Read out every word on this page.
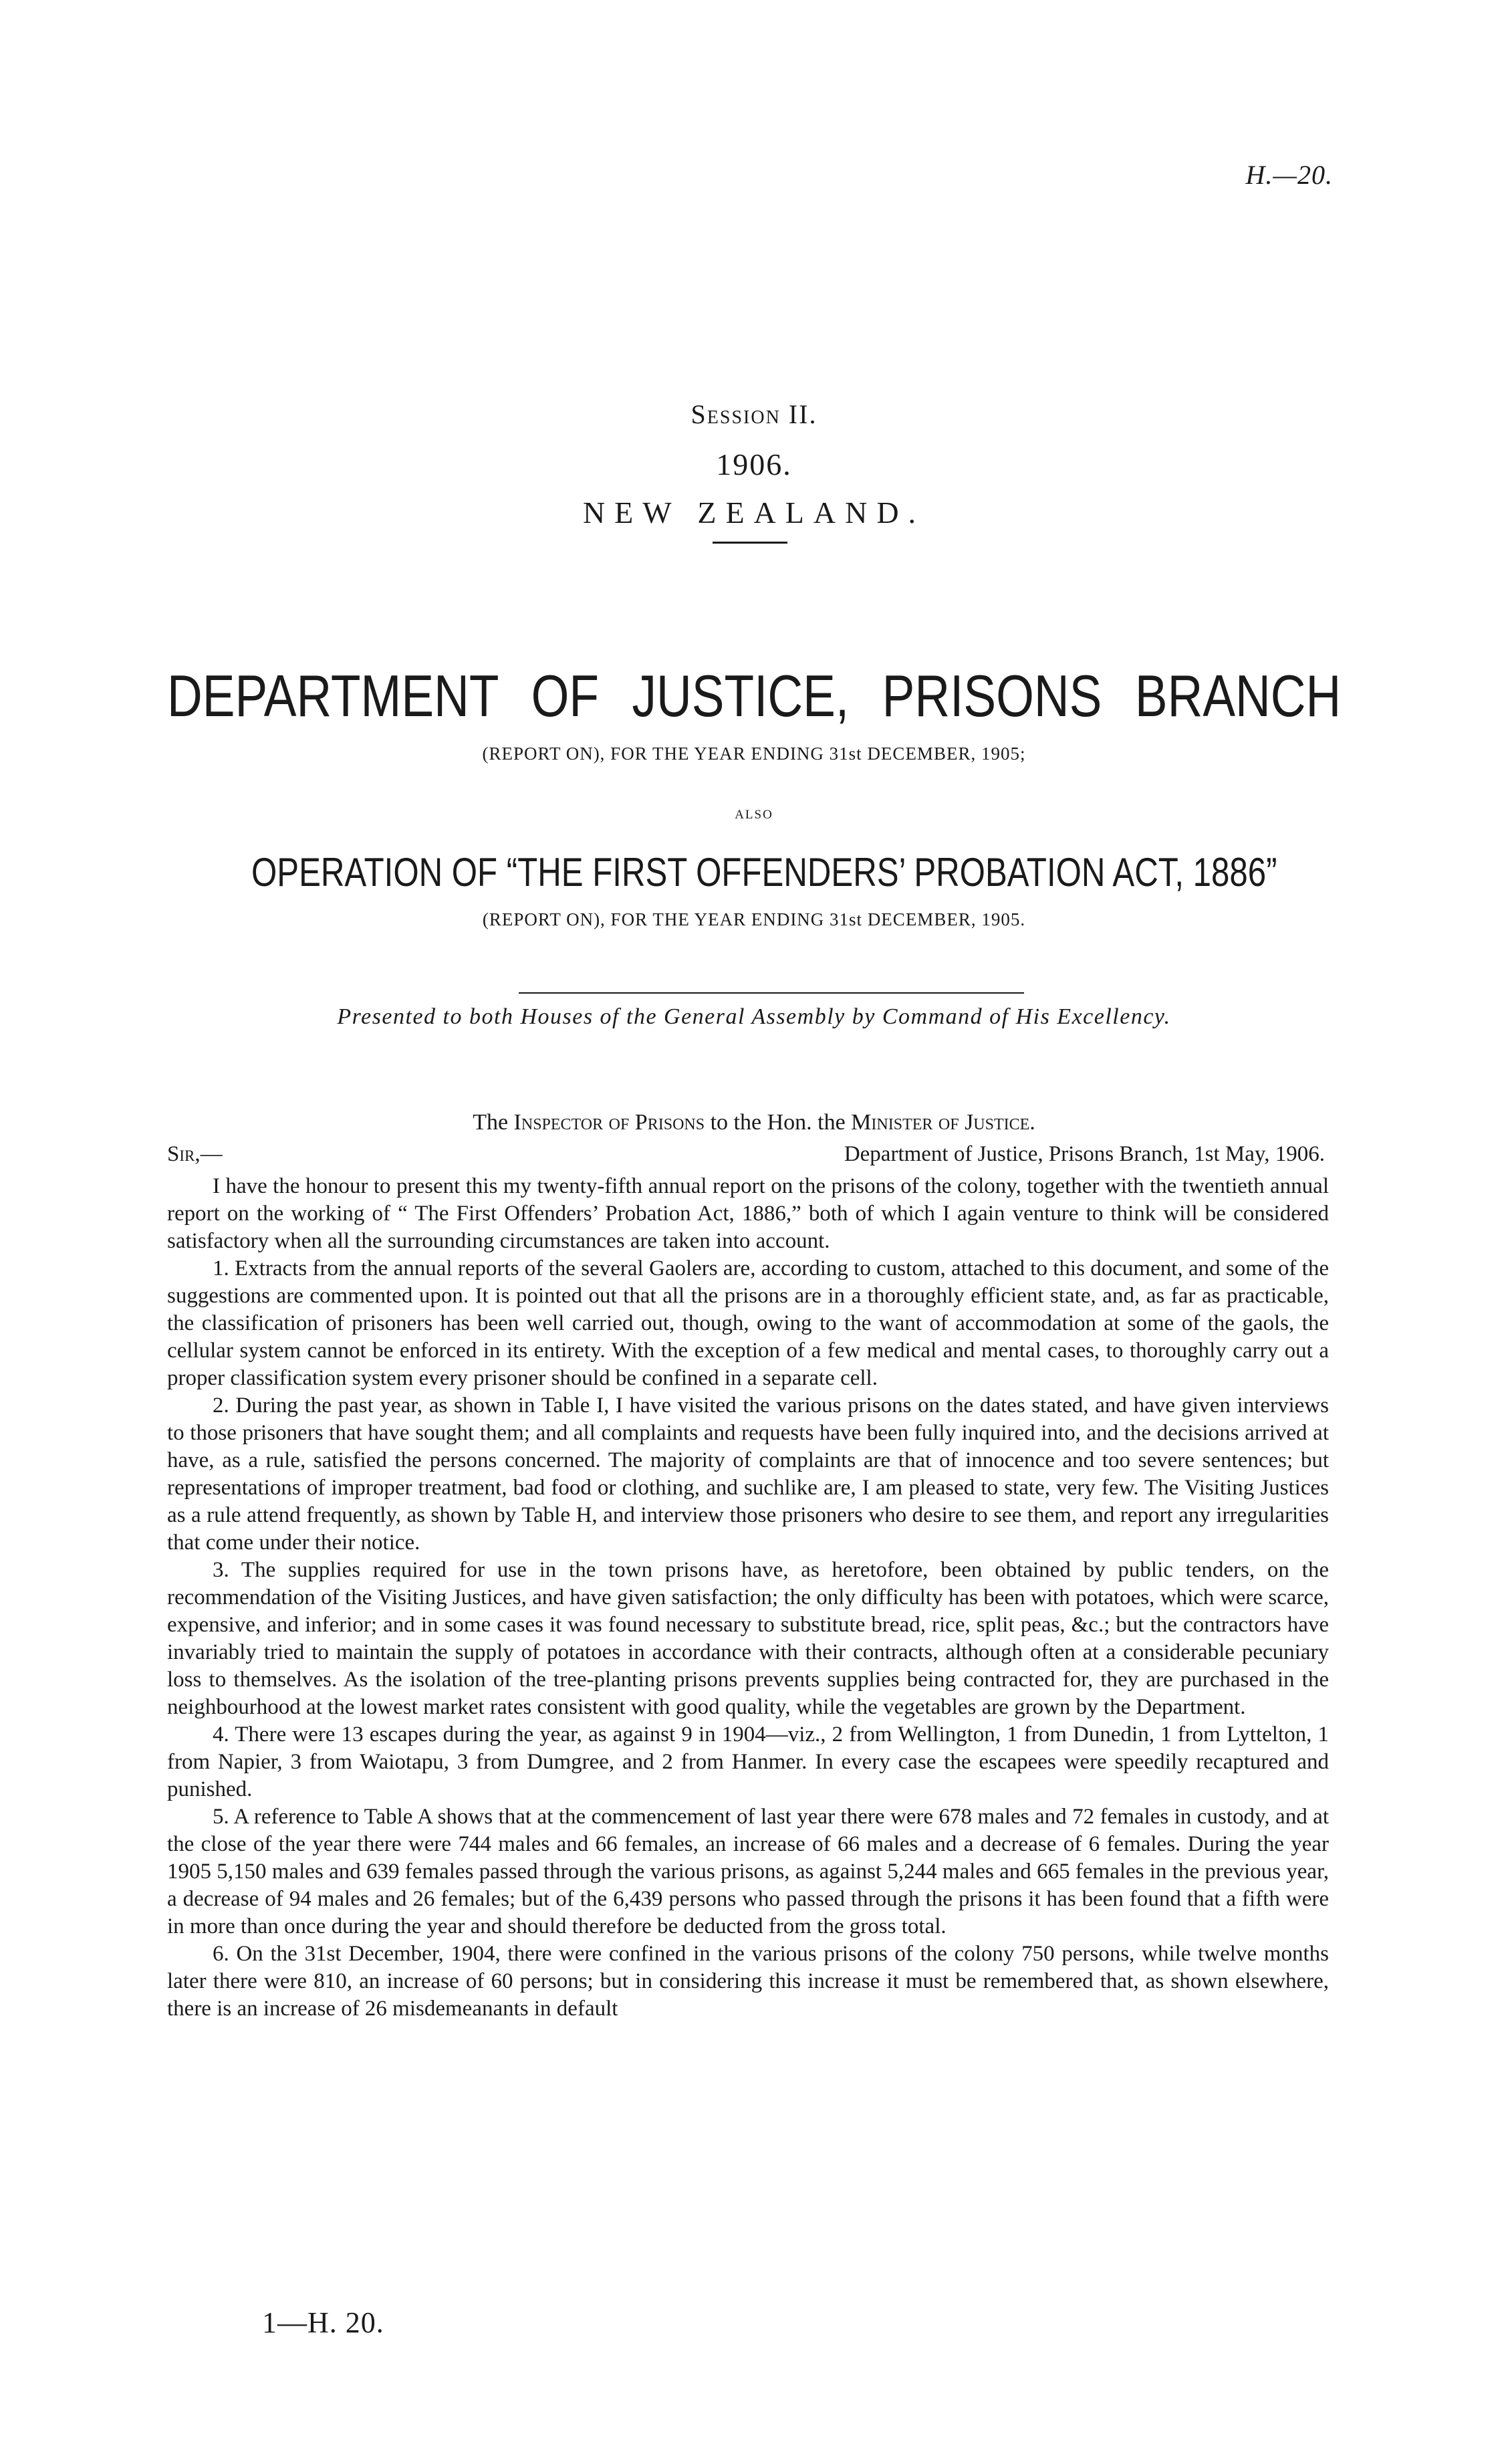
H.—20.
Session II.
1906.
NEW ZEALAND.
DEPARTMENT OF JUSTICE, PRISONS BRANCH
(REPORT ON), FOR THE YEAR ENDING 31st DECEMBER, 1905;
ALSO
OPERATION OF “THE FIRST OFFENDERS’ PROBATION ACT, 1886”
(REPORT ON), FOR THE YEAR ENDING 31st DECEMBER, 1905.
Presented to both Houses of the General Assembly by Command of His Excellency.
The Inspector of Prisons to the Hon. the Minister of Justice.
Sir,—	Department of Justice, Prisons Branch, 1st May, 1906.

I have the honour to present this my twenty-fifth annual report on the prisons of the colony, together with the twentieth annual report on the working of “ The First Offenders’ Probation Act, 1886,” both of which I again venture to think will be considered satisfactory when all the surrounding circumstances are taken into account.

1. Extracts from the annual reports of the several Gaolers are, according to custom, attached to this document, and some of the suggestions are commented upon. It is pointed out that all the prisons are in a thoroughly efficient state, and, as far as practicable, the classification of prisoners has been well carried out, though, owing to the want of accommodation at some of the gaols, the cellular system cannot be enforced in its entirety. With the exception of a few medical and mental cases, to thoroughly carry out a proper classification system every prisoner should be confined in a separate cell.

2. During the past year, as shown in Table I, I have visited the various prisons on the dates stated, and have given interviews to those prisoners that have sought them; and all complaints and requests have been fully inquired into, and the decisions arrived at have, as a rule, satisfied the persons concerned. The majority of complaints are that of innocence and too severe sentences; but representations of improper treatment, bad food or clothing, and suchlike are, I am pleased to state, very few. The Visiting Justices as a rule attend frequently, as shown by Table H, and interview those prisoners who desire to see them, and report any irregularities that come under their notice.

3. The supplies required for use in the town prisons have, as heretofore, been obtained by public tenders, on the recommendation of the Visiting Justices, and have given satisfaction; the only difficulty has been with potatoes, which were scarce, expensive, and inferior; and in some cases it was found necessary to substitute bread, rice, split peas, &c.; but the contractors have invariably tried to maintain the supply of potatoes in accordance with their contracts, although often at a considerable pecuniary loss to themselves. As the isolation of the tree-planting prisons prevents supplies being contracted for, they are purchased in the neighbourhood at the lowest market rates consistent with good quality, while the vegetables are grown by the Department.

4. There were 13 escapes during the year, as against 9 in 1904—viz., 2 from Wellington, 1 from Dunedin, 1 from Lyttelton, 1 from Napier, 3 from Waiotapu, 3 from Dumgree, and 2 from Hanmer. In every case the escapees were speedily recaptured and punished.

5. A reference to Table A shows that at the commencement of last year there were 678 males and 72 females in custody, and at the close of the year there were 744 males and 66 females, an increase of 66 males and a decrease of 6 females. During the year 1905 5,150 males and 639 females passed through the various prisons, as against 5,244 males and 665 females in the previous year, a decrease of 94 males and 26 females; but of the 6,439 persons who passed through the prisons it has been found that a fifth were in more than once during the year and should therefore be deducted from the gross total.

6. On the 31st December, 1904, there were confined in the various prisons of the colony 750 persons, while twelve months later there were 810, an increase of 60 persons; but in considering this increase it must be remembered that, as shown elsewhere, there is an increase of 26 misdemeanants in default

1—H. 20.
